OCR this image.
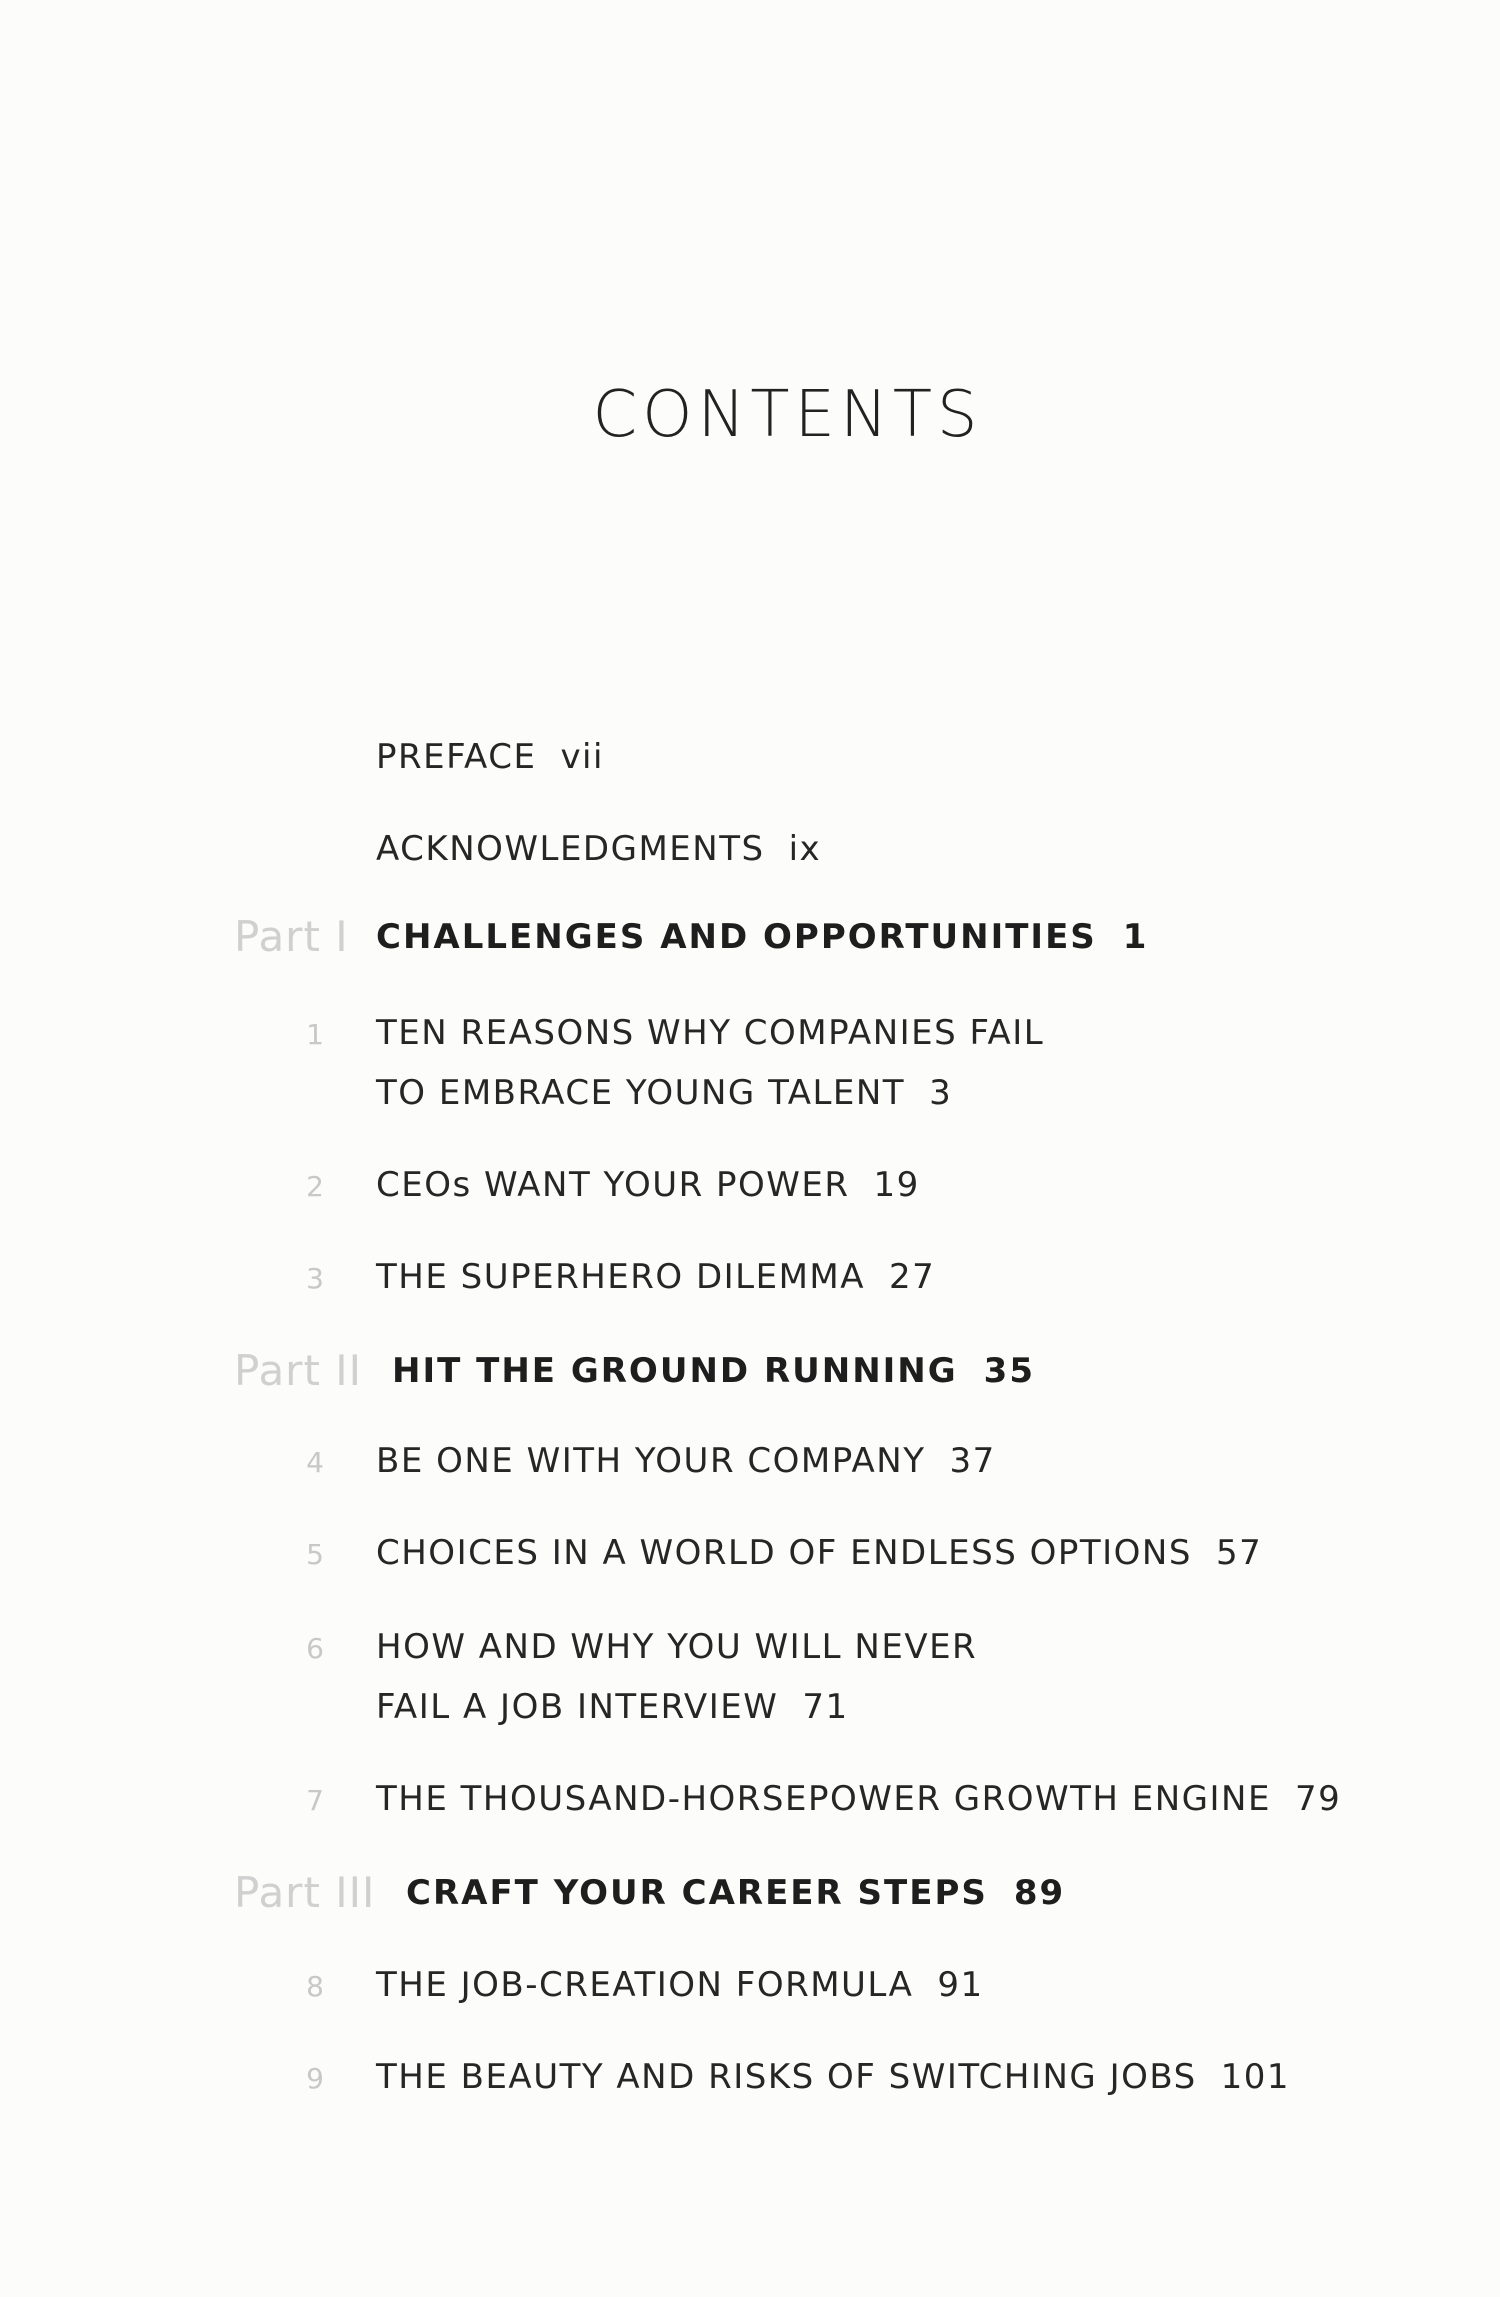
CONTENTS
PREFACE vii
ACKNOWLEDGMENTS ix
Part I CHALLENGES AND OPPORTUNITIES 1
1 TEN REASONS WHY COMPANIES FAIL
TO EMBRACE YOUNG TALENT 3
2 CEOs WANT YOUR POWER 19
3 THE SUPERHERO DILEMMA 27
Part II HIT THE GROUND RUNNING 35
4 BE ONE WITH YOUR COMPANY 37
5 CHOICES IN A WORLD OF ENDLESS OPTIONS 57
6 HOW AND WHY YOU WILL NEVER
FAIL A JOB INTERVIEW 71
7 THE THOUSAND-HORSEPOWER GROWTH ENGINE 79
Part III CRAFT YOUR CAREER STEPS 89
8 THE JOB-CREATION FORMULA 91
9 THE BEAUTY AND RISKS OF SWITCHING JOBS 101
